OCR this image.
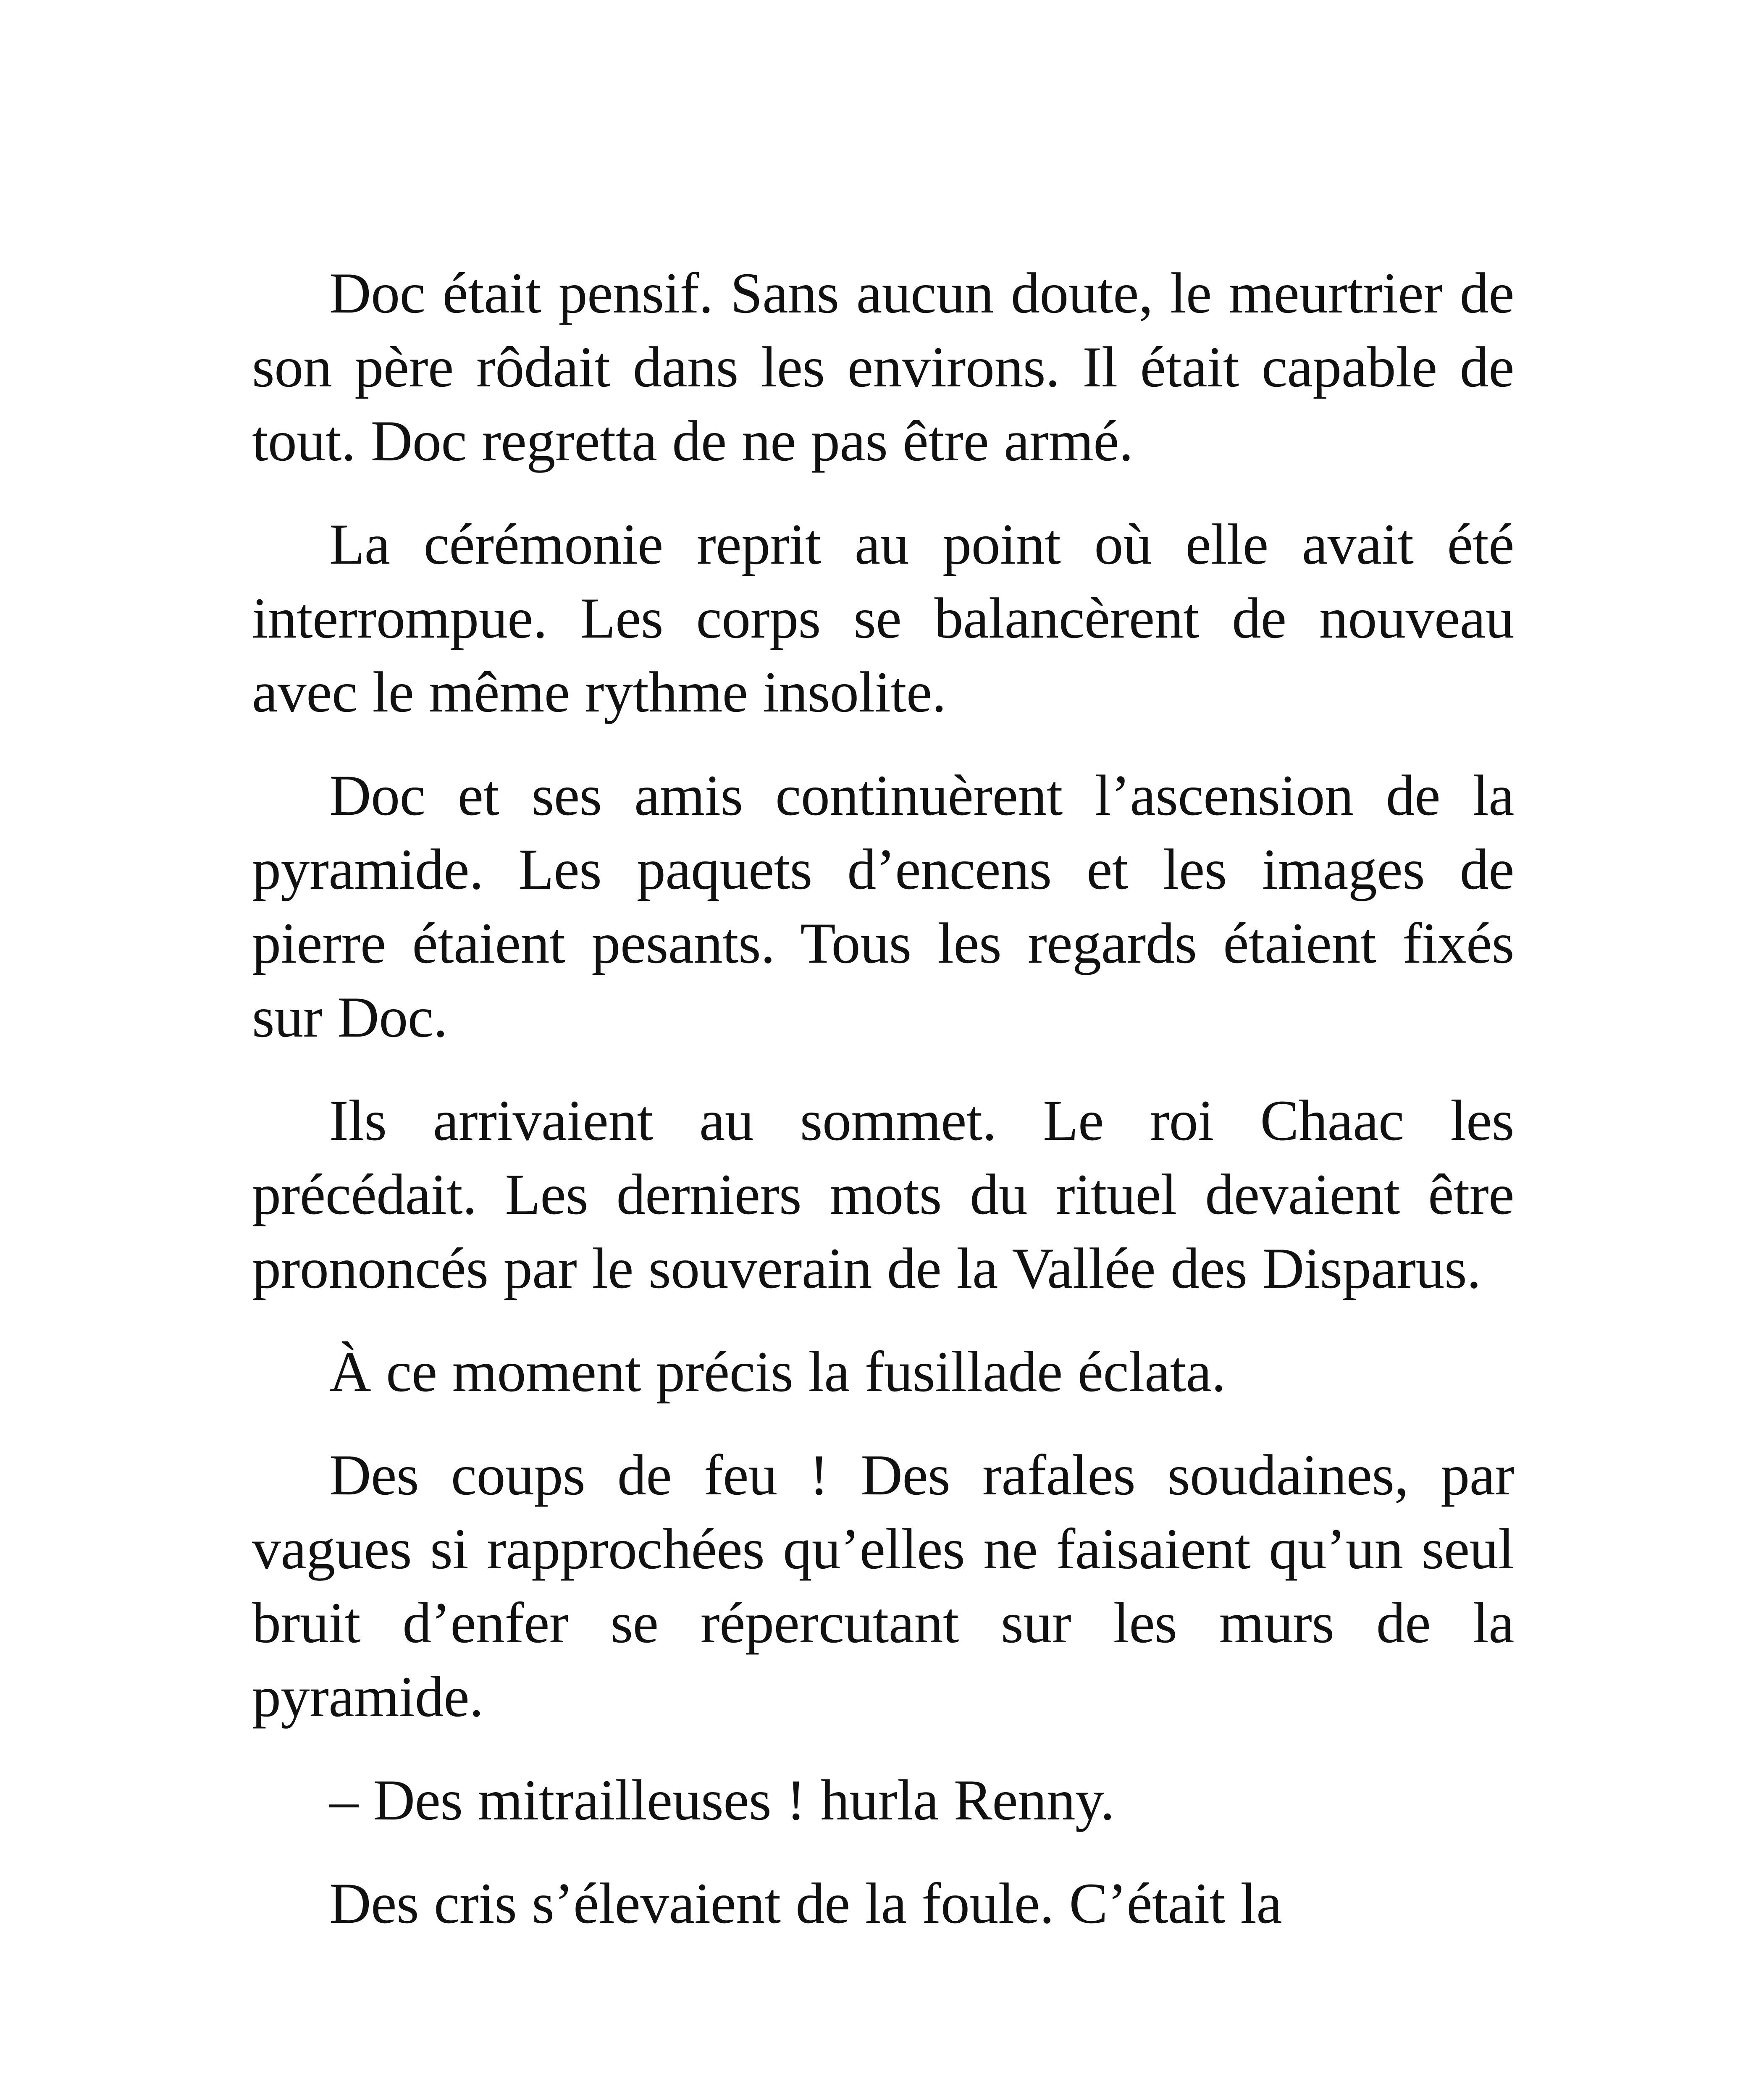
Doc était pensif. Sans aucun doute, le meurtrier de son père rôdait dans les environs. Il était capable de tout. Doc regretta de ne pas être armé.

La cérémonie reprit au point où elle avait été interrompue. Les corps se balancèrent de nouveau avec le même rythme insolite.

Doc et ses amis continuèrent l’ascension de la pyramide. Les paquets d’encens et les images de pierre étaient pesants. Tous les regards étaient fixés sur Doc.

Ils arrivaient au sommet. Le roi Chaac les précédait. Les derniers mots du rituel devaient être prononcés par le souverain de la Vallée des Disparus.

À ce moment précis la fusillade éclata.

Des coups de feu ! Des rafales soudaines, par vagues si rapprochées qu’elles ne faisaient qu’un seul bruit d’enfer se répercutant sur les murs de la pyramide.

– Des mitrailleuses ! hurla Renny.

Des cris s’élevaient de la foule. C’était la
